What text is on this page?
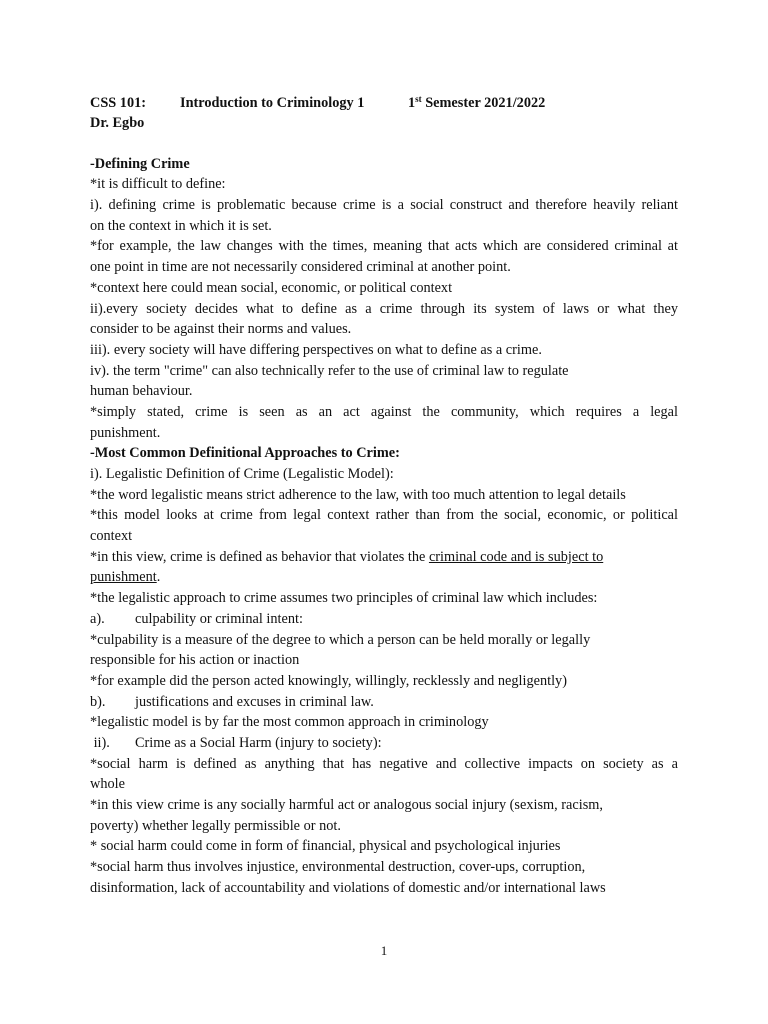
CSS 101: Introduction to Criminology 1	1st Semester 2021/2022
Dr. Egbo
-Defining Crime
*it is difficult to define:
i). defining crime is problematic because crime is a social construct and therefore heavily reliant
on the context in which it is set.
*for example, the law changes with the times, meaning that acts which are considered criminal at
one point in time are not necessarily considered criminal at another point.
*context here could mean social, economic, or political context
ii).every society decides what to define as a crime through its system of laws or what they
consider to be against their norms and values.
iii). every society will have differing perspectives on what to define as a crime.
iv). the term "crime" can also technically refer to the use of criminal law to regulate
human behaviour.
*simply stated, crime is seen as an act against the community, which requires a legal
punishment.
-Most Common Definitional Approaches to Crime:
i). Legalistic Definition of Crime (Legalistic Model):
*the word legalistic means strict adherence to the law, with too much attention to legal details
*this model looks at crime from legal context rather than from the social, economic, or political
context
*in this view, crime is defined as behavior that violates the criminal code and is subject to
punishment.
*the legalistic approach to crime assumes two principles of criminal law which includes:
a). culpability or criminal intent:
*culpability is a measure of the degree to which a person can be held morally or legally
responsible for his action or inaction
*for example did the person acted knowingly, willingly, recklessly and negligently)
b). justifications and excuses in criminal law.
*legalistic model is by far the most common approach in criminology
ii). Crime as a Social Harm (injury to society):
*social harm is defined as anything that has negative and collective impacts on society as a
whole
*in this view crime is any socially harmful act or analogous social injury (sexism, racism,
poverty) whether legally permissible or not.
* social harm could come in form of financial, physical and psychological injuries
*social harm thus involves injustice, environmental destruction, cover-ups, corruption,
disinformation, lack of accountability and violations of domestic and/or international laws
1
